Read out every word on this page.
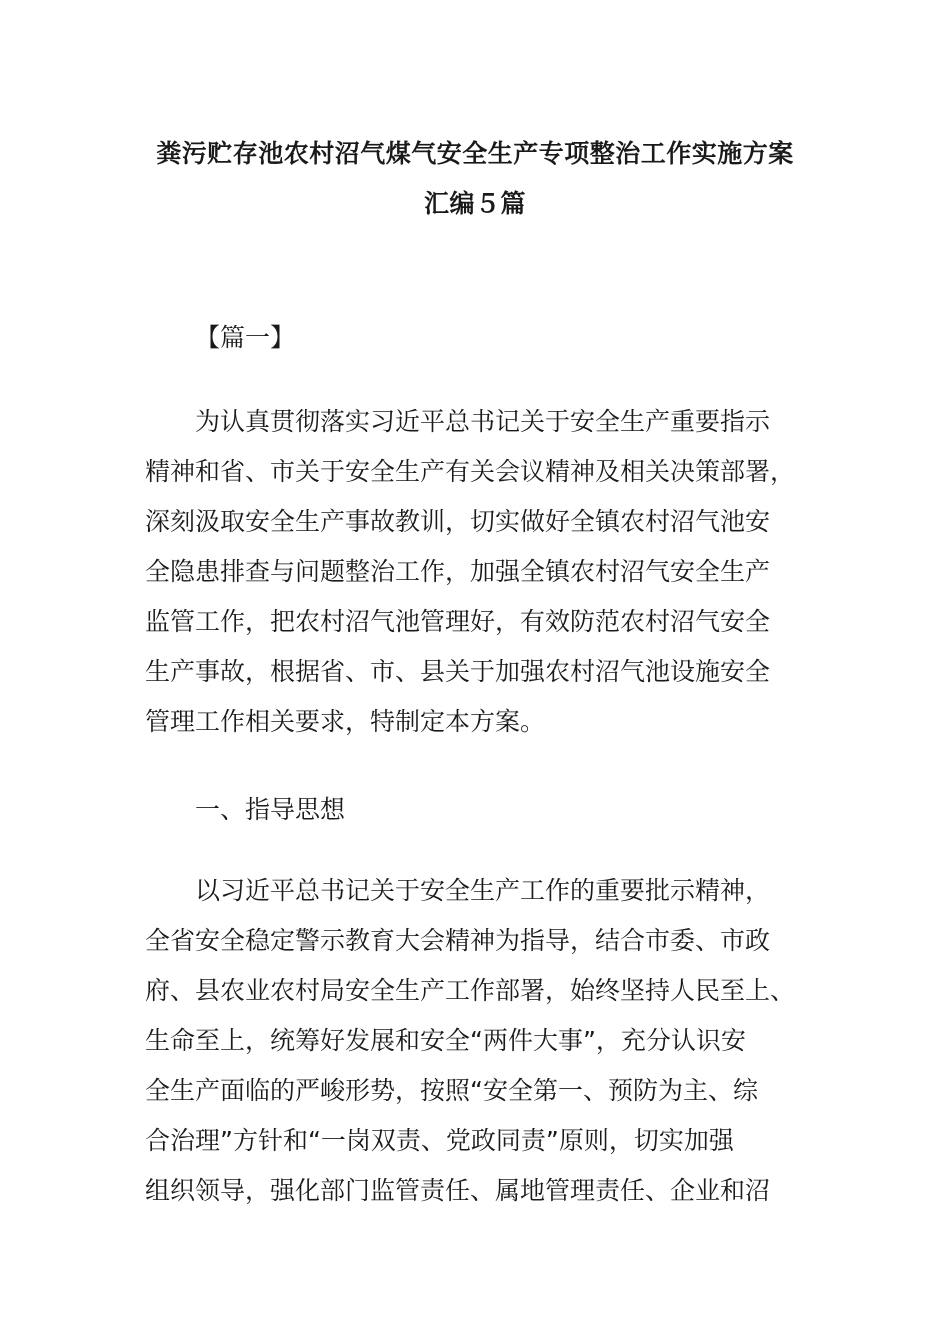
粪污贮存池农村沼气煤气安全生产专项整治工作实施方案
汇编５篇
【篇一】
为认真贯彻落实习近平总书记关于安全生产重要指示
精神和省、市关于安全生产有关会议精神及相关决策部署，
深刻汲取安全生产事故教训，切实做好全镇农村沼气池安
全隐患排查与问题整治工作，加强全镇农村沼气安全生产
监管工作，把农村沼气池管理好，有效防范农村沼气安全
生产事故，根据省、市、县关于加强农村沼气池设施安全
管理工作相关要求，特制定本方案。
一、指导思想
以习近平总书记关于安全生产工作的重要批示精神，
全省安全稳定警示教育大会精神为指导，结合市委、市政
府、县农业农村局安全生产工作部署，始终坚持人民至上、
生命至上，统筹好发展和安全“两件大事”，充分认识安
全生产面临的严峻形势，按照“安全第一、预防为主、综
合治理”方针和“一岗双责、党政同责”原则，切实加强
组织领导，强化部门监管责任、属地管理责任、企业和沼
